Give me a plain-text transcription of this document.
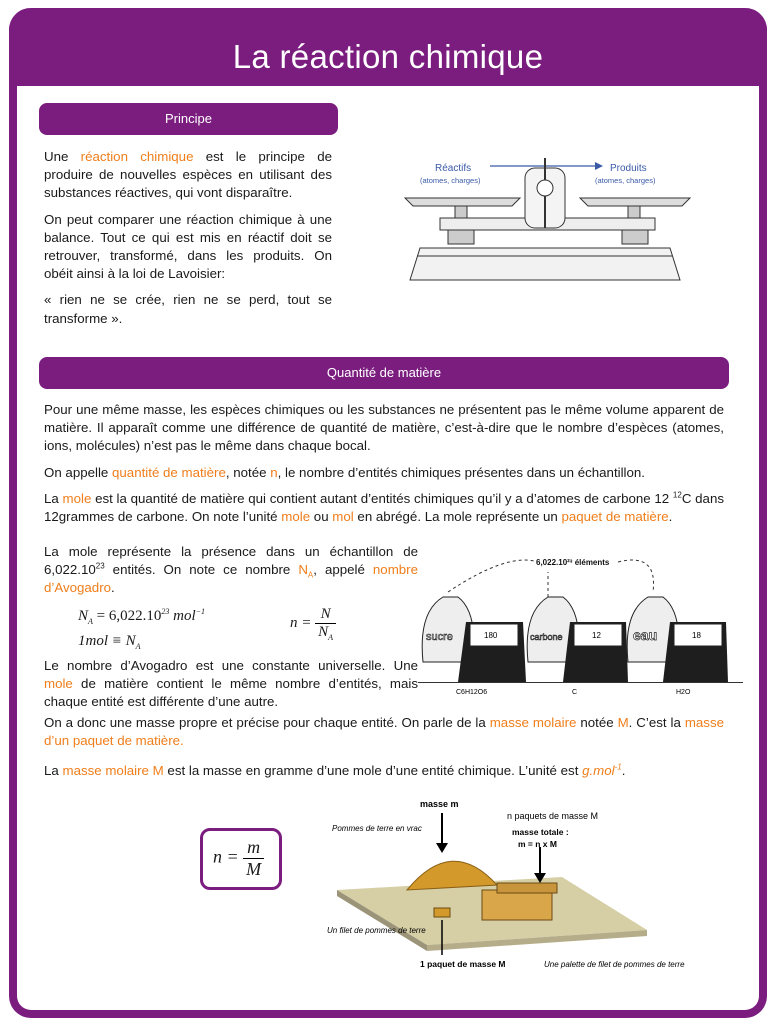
La réaction chimique
Principe

Une réaction chimique est le principe de produire de nouvelles espèces en utilisant des substances réactives, qui vont disparaître.

On peut comparer une réaction chimique à une balance. Tout ce qui est mis en réactif doit se retrouver, transformé, dans les produits. On obéit ainsi à la loi de Lavoisier:

« rien ne se crée, rien ne se perd, tout se transforme ».

Réactifs
(atomes, charges)
Produits
(atomes, charges)
Quantité de matière

Pour une même masse, les espèces chimiques ou les substances ne présentent pas le même volume apparent de matière. Il apparaît comme une différence de quantité de matière, c’est-à-dire que le nombre d’espèces (atomes, ions, molécules) n’est pas le même dans chaque bocal.

On appelle quantité de matière, notée n, le nombre d’entités chimiques présentes dans un échantillon.

La mole est la quantité de matière qui contient autant d’entités chimiques qu’il y a d’atomes de carbone 12 $^{12}$C dans 12grammes de carbone. On note l’unité mole ou mol en abrégé. La mole représente un paquet de matière.

La mole représente la présence dans un échantillon de 6,022.10$^{23}$ entités. On note ce nombre $N_A$, appelé nombre d’Avogadro.

$N_A = 6,022.10^{23}$ mol$^{-1}$
$1mol \equiv N_A$
$n = \frac{N}{N_A}$

Le nombre d’Avogadro est une constante universelle. Une mole de matière contient le même nombre d’entités, mais chaque entité est différente d’une autre.

6,022.10²³ éléments
sucre	180	carbone	12 eau	18
C6H12O6	C	H2O

On a donc une masse propre et précise pour chaque entité. On parle de la masse molaire notée M. C’est la masse d’un paquet de matière.

La masse molaire M est la masse en gramme d’une mole d’une entité chimique. L’unité est g.mol$^{-1}$.

$n = \frac{m}{M}$
masse m
Pommes de terre en vrac
n paquets de masse M
masse totale :
m = n x M
Un filet de pommes de terre
1 paquet de masse M	Une palette de filet de pommes de terre
